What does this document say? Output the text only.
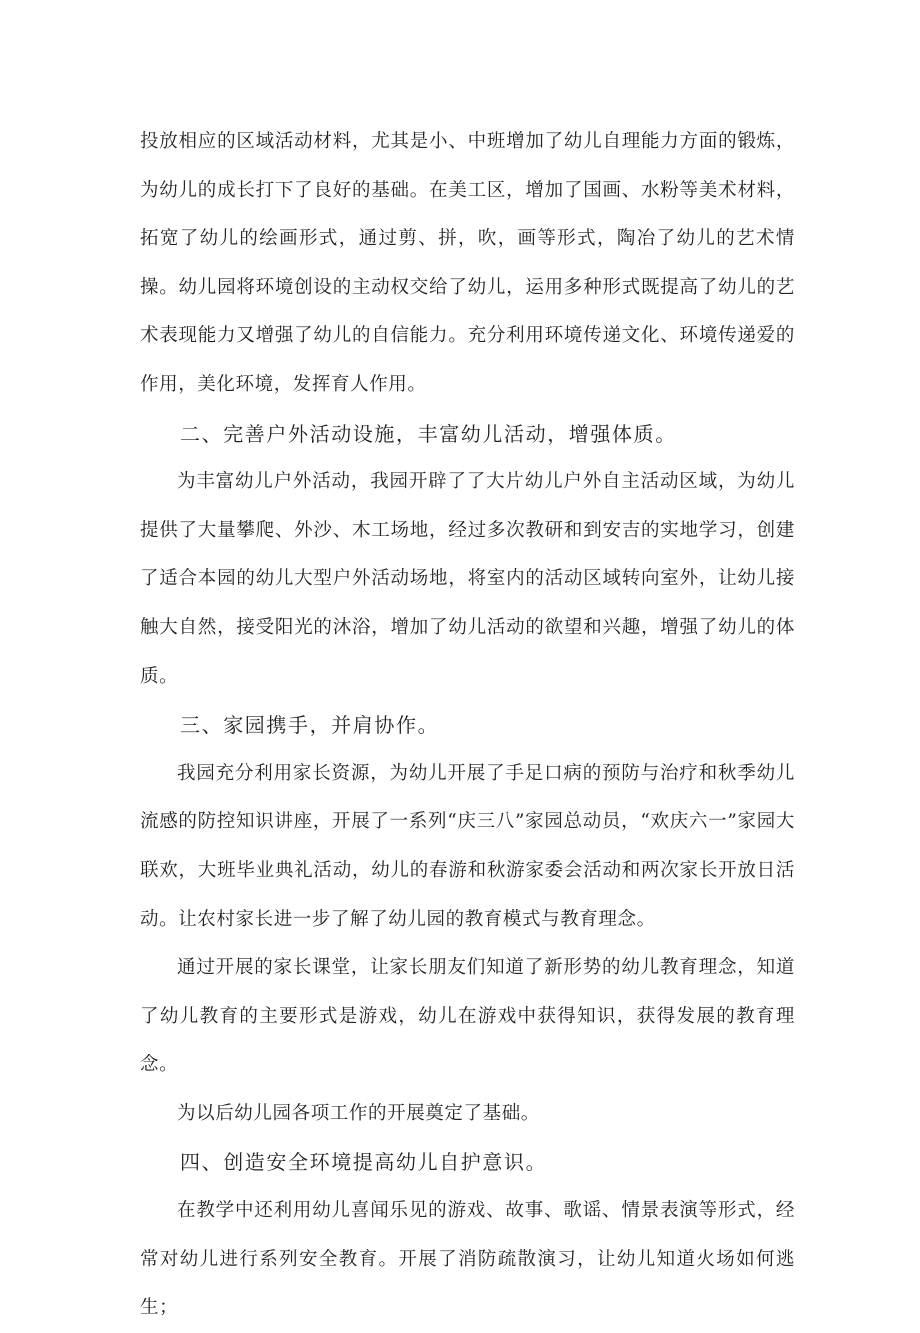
投放相应的区域活动材料，尤其是小、中班增加了幼儿自理能力方面的锻炼，为幼儿的成长打下了良好的基础。在美工区，增加了国画、水粉等美术材料，拓宽了幼儿的绘画形式，通过剪、拼，吹，画等形式，陶冶了幼儿的艺术情操。幼儿园将环境创设的主动权交给了幼儿，运用多种形式既提高了幼儿的艺术表现能力又增强了幼儿的自信能力。充分利用环境传递文化、环境传递爱的作用，美化环境，发挥育人作用。

二、完善户外活动设施，丰富幼儿活动，增强体质。

为丰富幼儿户外活动，我园开辟了了大片幼儿户外自主活动区域，为幼儿提供了大量攀爬、外沙、木工场地，经过多次教研和到安吉的实地学习，创建了适合本园的幼儿大型户外活动场地，将室内的活动区域转向室外，让幼儿接触大自然，接受阳光的沐浴，增加了幼儿活动的欲望和兴趣，增强了幼儿的体质。

三、家园携手，并肩协作。

我园充分利用家长资源，为幼儿开展了手足口病的预防与治疗和秋季幼儿流感的防控知识讲座，开展了一系列“庆三八”家园总动员，“欢庆六一”家园大联欢，大班毕业典礼活动，幼儿的春游和秋游家委会活动和两次家长开放日活动。让农村家长进一步了解了幼儿园的教育模式与教育理念。

通过开展的家长课堂，让家长朋友们知道了新形势的幼儿教育理念，知道了幼儿教育的主要形式是游戏，幼儿在游戏中获得知识，获得发展的教育理念。

为以后幼儿园各项工作的开展奠定了基础。

四、创造安全环境提高幼儿自护意识。

在教学中还利用幼儿喜闻乐见的游戏、故事、歌谣、情景表演等形式，经常对幼儿进行系列安全教育。开展了消防疏散演习，让幼儿知道火场如何逃生；
